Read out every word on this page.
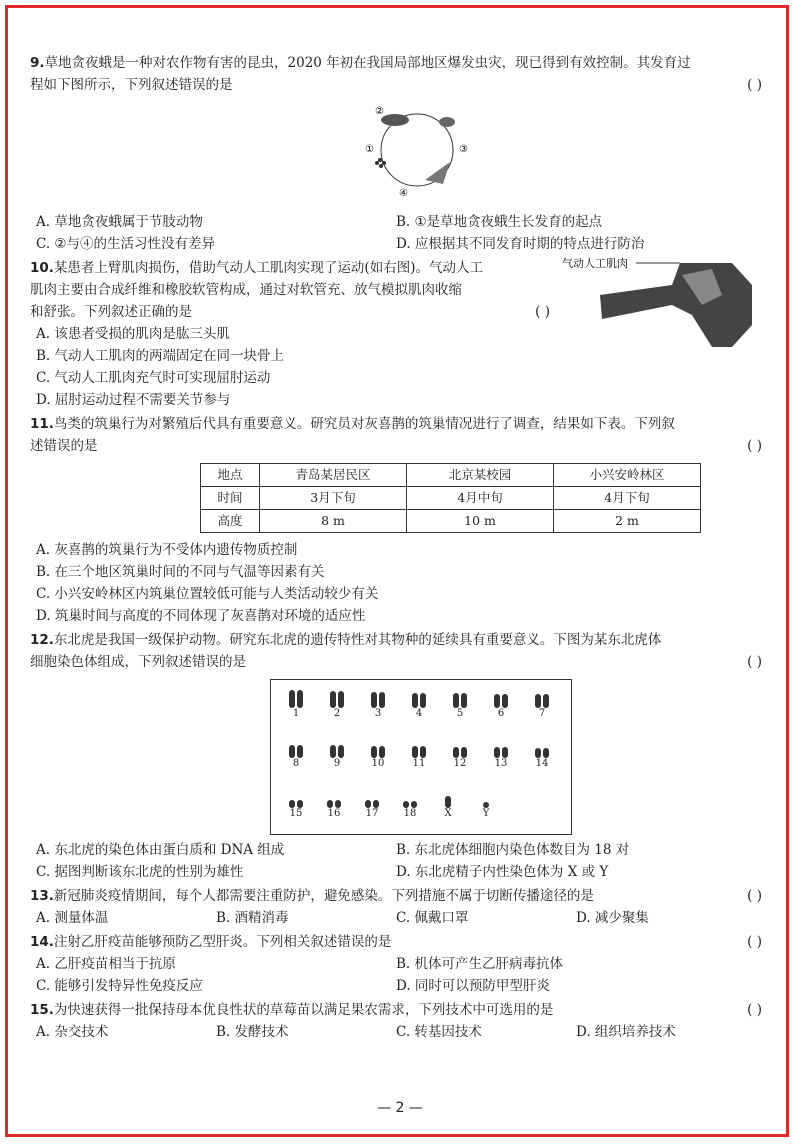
9.草地贪夜蛾是一种对农作物有害的昆虫，2020 年初在我国局部地区爆发虫灾，现已得到有效控制。其发育过
程如下图所示，下列叙述错误的是	( )
①
②
③
④
A. 草地贪夜蛾属于节肢动物	B. ①是草地贪夜蛾生长发育的起点
C. ②与④的生活习性没有差异	D. 应根据其不同发育时期的特点进行防治
10.某患者上臂肌肉损伤，借助气动人工肌肉实现了运动(如右图)。气动人工
肌肉主要由合成纤维和橡胶软管构成，通过对软管充、放气模拟肌肉收缩
和舒张。下列叙述正确的是	( )
气动人工肌肉
A. 该患者受损的肌肉是肱三头肌
B. 气动人工肌肉的两端固定在同一块骨上
C. 气动人工肌肉充气时可实现屈肘运动
D. 屈肘运动过程不需要关节参与
11.鸟类的筑巢行为对繁殖后代具有重要意义。研究员对灰喜鹊的筑巢情况进行了调查，结果如下表。下列叙
述错误的是	( )
地点	青岛某居民区	北京某校园	小兴安岭林区
时间	3月下旬	4月中旬	4月下旬
高度	8 m	10 m	2 m
A. 灰喜鹊的筑巢行为不受体内遗传物质控制
B. 在三个地区筑巢时间的不同与气温等因素有关
C. 小兴安岭林区内筑巢位置较低可能与人类活动较少有关
D. 筑巢时间与高度的不同体现了灰喜鹊对环境的适应性
12.东北虎是我国一级保护动物。研究东北虎的遗传特性对其物种的延续具有重要意义。下图为某东北虎体
细胞染色体组成，下列叙述错误的是	( )
1	2	3	4	5	6	7
8	9	10	11	12	13	14
15	16	17	18	X	Y
A. 东北虎的染色体由蛋白质和 DNA 组成	B. 东北虎体细胞内染色体数目为 18 对
C. 据图判断该东北虎的性别为雄性	D. 东北虎精子内性染色体为 X 或 Y
13.新冠肺炎疫情期间，每个人都需要注重防护，避免感染。下列措施不属于切断传播途径的是	( )
A. 测量体温	B. 酒精消毒	C. 佩戴口罩	D. 减少聚集
14.注射乙肝疫苗能够预防乙型肝炎。下列相关叙述错误的是	( )
A. 乙肝疫苗相当于抗原	B. 机体可产生乙肝病毒抗体
C. 能够引发特异性免疫反应	D. 同时可以预防甲型肝炎
15.为快速获得一批保持母本优良性状的草莓苗以满足果农需求，下列技术中可选用的是	( )
A. 杂交技术	B. 发酵技术	C. 转基因技术	D. 组织培养技术
— 2 —
